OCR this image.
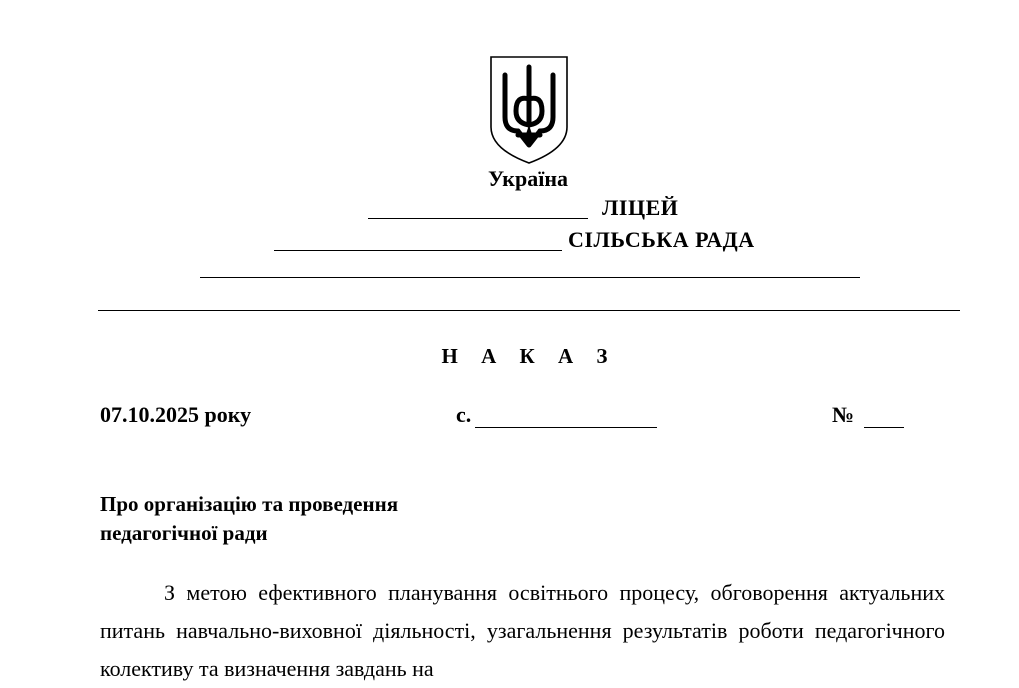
Україна
ЛІЦЕЙ
СІЛЬСЬКА РАДА
Н А К А З
07.10.2025 року	с.	№
Про організацію та проведення
педагогічної ради
З метою ефективного планування освітнього процесу, обговорення актуальних питань навчально-виховної діяльності, узагальнення результатів роботи педагогічного колективу та визначення завдань на
